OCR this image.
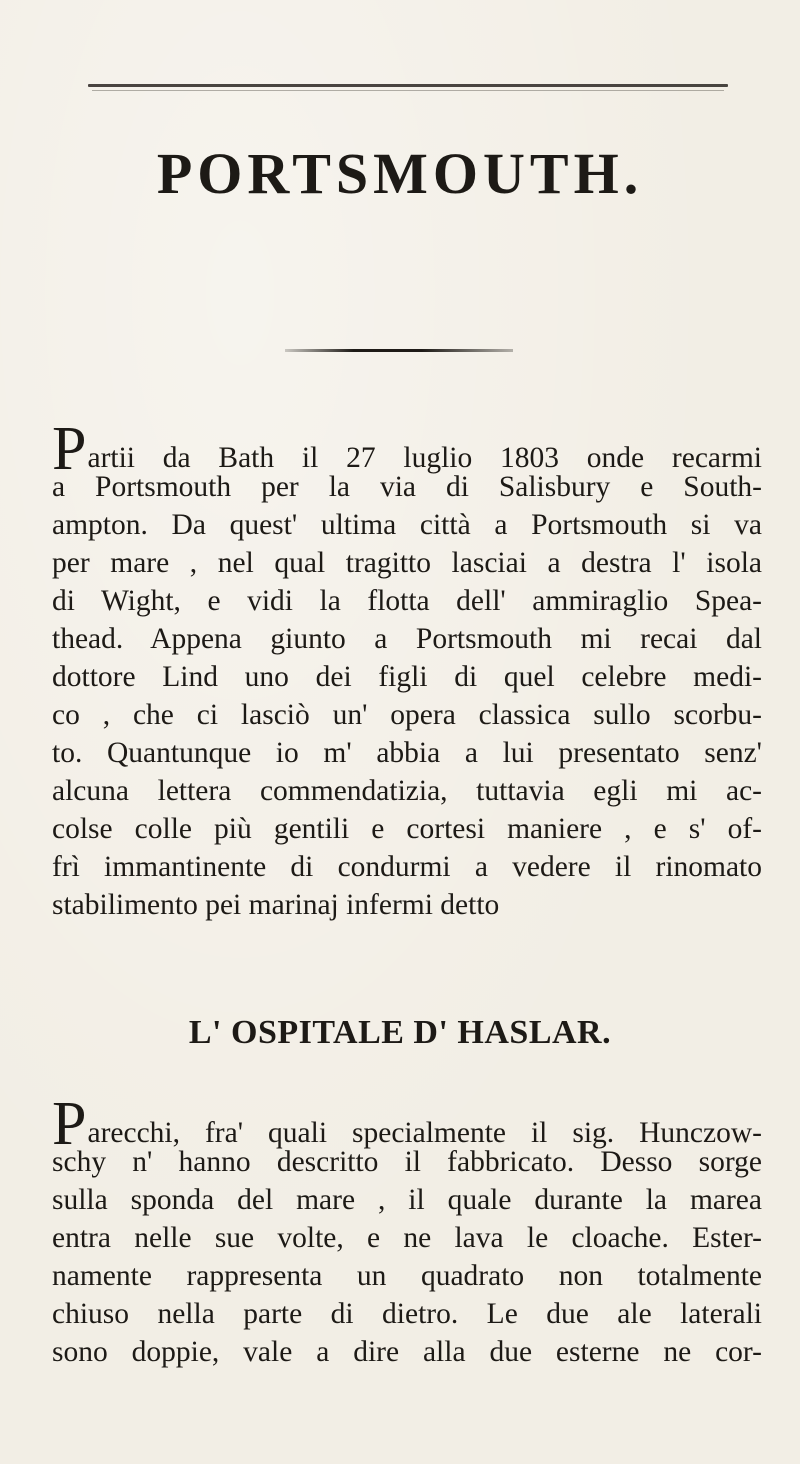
PORTSMOUTH.
Partii da Bath il 27 luglio 1803 onde recarmi
a Portsmouth per la via di Salisbury e South-
ampton. Da quest' ultima città a Portsmouth si va
per mare , nel qual tragitto lasciai a destra l' isola
di Wight, e vidi la flotta dell' ammiraglio Spea-
thead. Appena giunto a Portsmouth mi recai dal
dottore Lind uno dei figli di quel celebre medi-
co , che ci lasciò un' opera classica sullo scorbu-
to. Quantunque io m' abbia a lui presentato senz'
alcuna lettera commendatizia, tuttavia egli mi ac-
colse colle più gentili e cortesi maniere , e s' of-
frì immantinente di condurmi a vedere il rinomato
stabilimento pei marinaj infermi detto
L' OSPITALE D' HASLAR.
Parecchi, fra' quali specialmente il sig. Hunczow-
schy n' hanno descritto il fabbricato. Desso sorge
sulla sponda del mare , il quale durante la marea
entra nelle sue volte, e ne lava le cloache. Ester-
namente rappresenta un quadrato non totalmente
chiuso nella parte di dietro. Le due ale laterali
sono doppie, vale a dire alla due esterne ne cor-
